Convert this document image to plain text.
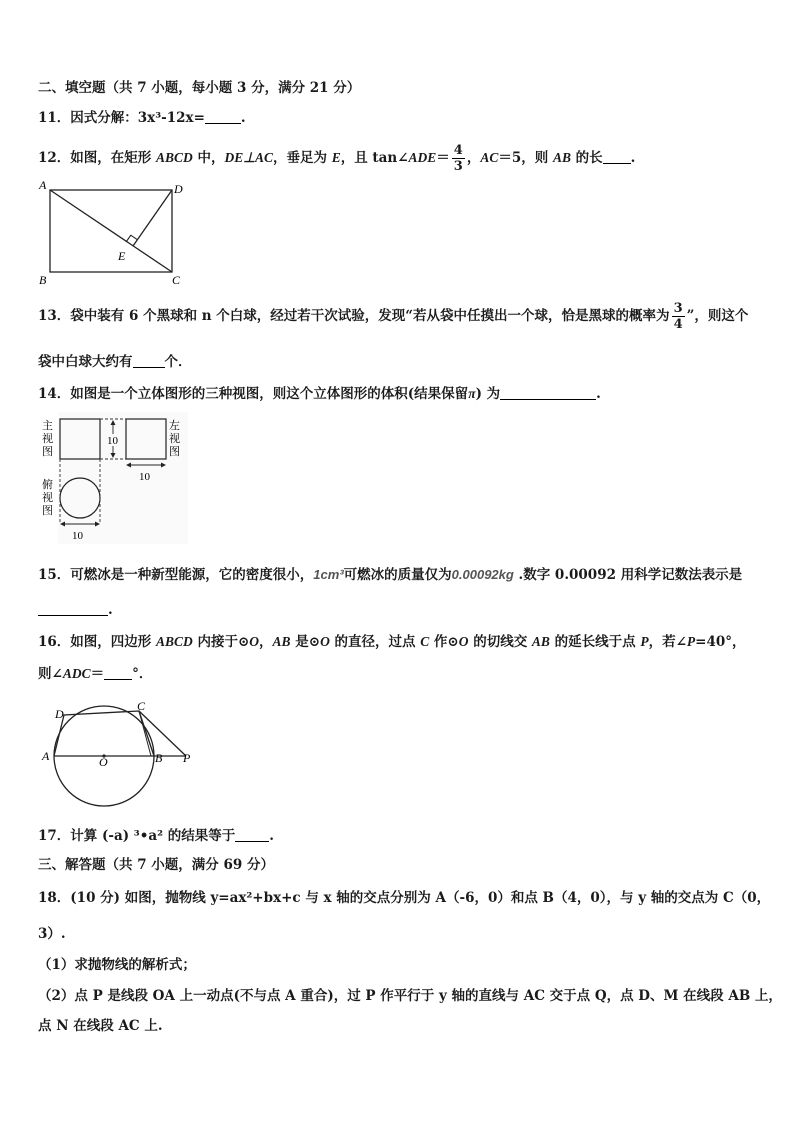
二、填空题（共 7 小题，每小题 3 分，满分 21 分）
11．因式分解：3x³-12x=	.
12．如图，在矩形 ABCD 中，DE⊥AC，垂足为 E，且 tan∠ADE＝ $\frac{4}{3}$ ，AC＝5，则 AB 的长 .
A	D
B	C
E
13．袋中装有 6 个黑球和 n 个白球，经过若干次试验，发现“若从袋中任摸出一个球，恰是黑球的概率为 $\frac{3}{4}$ ”，则这个
袋中白球大约有 个．
14．如图是一个立体图形的三种视图，则这个立体图形的体积(结果保留π) 为	.
10
10
10
主
视
图
左
视
图
俯
视
图
15．可燃冰是一种新型能源，它的密度很小，1cm³可燃冰的质量仅为0.00092kg .数字 0.00092 用科学记数法表示是
.
16．如图，四边形 ABCD 内接于⊙O，AB 是⊙O 的直径，过点 C 作⊙O 的切线交 AB 的延长线于点 P，若∠P=40°，
则∠ADC＝ °．
A
D
C
B
O	P
17．计算 (-a) ³•a² 的结果等于	.
三、解答题（共 7 小题，满分 69 分）
18．(10 分) 如图，抛物线 y=ax²+bx+c 与 x 轴的交点分别为 A（-6，0）和点 B（4，0），与 y 轴的交点为 C（0，
3）.
（1）求抛物线的解析式；
（2）点 P 是线段 OA 上一动点(不与点 A 重合)，过 P 作平行于 y 轴的直线与 AC 交于点 Q，点 D、M 在线段 AB 上，
点 N 在线段 AC 上.
